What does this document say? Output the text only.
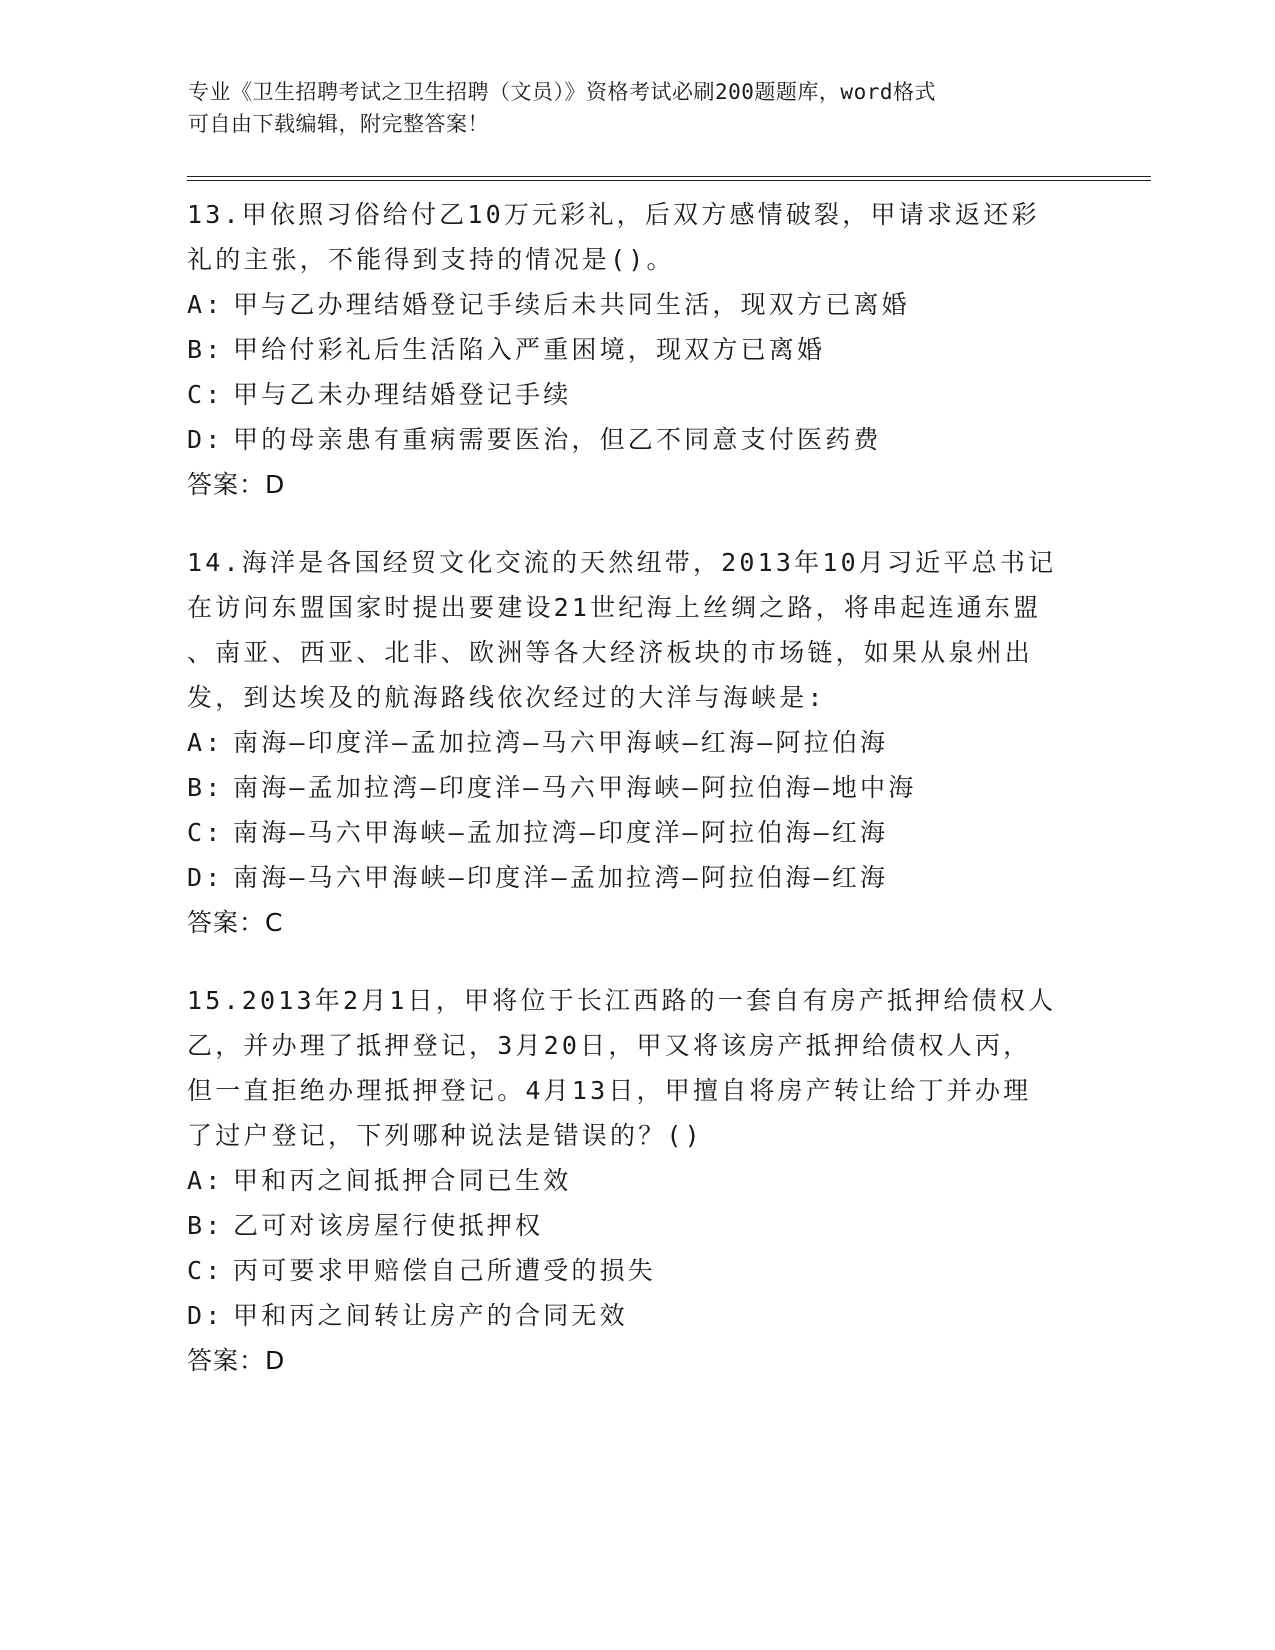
专业《卫生招聘考试之卫生招聘（文员）》资格考试必刷200题题库，word格式
可自由下载编辑，附完整答案！
13.甲依照习俗给付乙10万元彩礼，后双方感情破裂，甲请求返还彩
礼的主张，不能得到支持的情况是()。
A: 甲与乙办理结婚登记手续后未共同生活，现双方已离婚
B: 甲给付彩礼后生活陷入严重困境，现双方已离婚
C: 甲与乙未办理结婚登记手续
D: 甲的母亲患有重病需要医治，但乙不同意支付医药费
答案：D
14.海洋是各国经贸文化交流的天然纽带，2013年10月习近平总书记
在访问东盟国家时提出要建设21世纪海上丝绸之路，将串起连通东盟
、南亚、西亚、北非、欧洲等各大经济板块的市场链，如果从泉州出
发，到达埃及的航海路线依次经过的大洋与海峡是:
A: 南海—印度洋—孟加拉湾—马六甲海峡—红海—阿拉伯海
B: 南海—孟加拉湾—印度洋—马六甲海峡—阿拉伯海—地中海
C: 南海—马六甲海峡—孟加拉湾—印度洋—阿拉伯海—红海
D: 南海—马六甲海峡—印度洋—孟加拉湾—阿拉伯海—红海
答案：C
15.2013年2月1日，甲将位于长江西路的一套自有房产抵押给债权人
乙，并办理了抵押登记，3月20日，甲又将该房产抵押给债权人丙，
但一直拒绝办理抵押登记。4月13日，甲擅自将房产转让给丁并办理
了过户登记，下列哪种说法是错误的？()
A: 甲和丙之间抵押合同已生效
B: 乙可对该房屋行使抵押权
C: 丙可要求甲赔偿自己所遭受的损失
D: 甲和丙之间转让房产的合同无效
答案：D
